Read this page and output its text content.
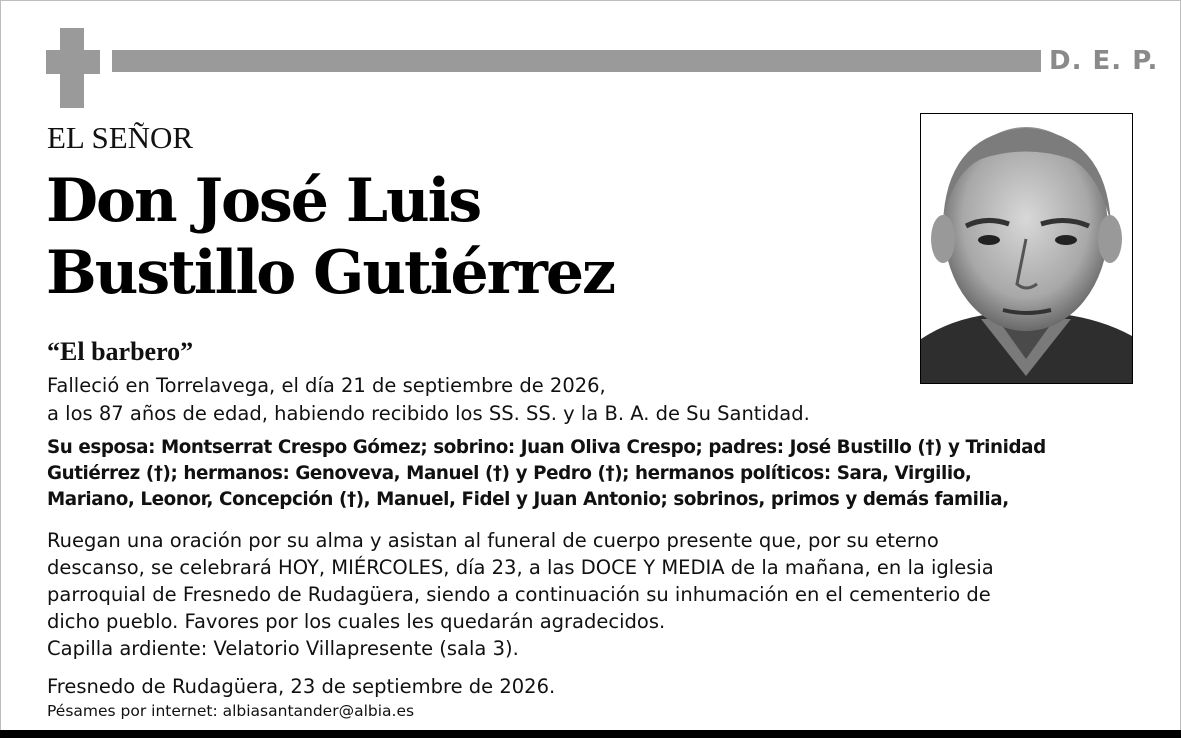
D. E. P.
EL SEÑOR
Don José Luis
Bustillo Gutiérrez
“El barbero”
Falleció en Torrelavega, el día 21 de septiembre de 2026,
a los 87 años de edad, habiendo recibido los SS. SS. y la B. A. de Su Santidad.
Su esposa: Montserrat Crespo Gómez; sobrino: Juan Oliva Crespo; padres: José Bustillo (†) y Trinidad
Gutiérrez (†); hermanos: Genoveva, Manuel (†) y Pedro (†); hermanos políticos: Sara, Virgilio,
Mariano, Leonor, Concepción (†), Manuel, Fidel y Juan Antonio; sobrinos, primos y demás familia,
Ruegan una oración por su alma y asistan al funeral de cuerpo presente que, por su eterno
descanso, se celebrará HOY, MIÉRCOLES, día 23, a las DOCE Y MEDIA de la mañana, en la iglesia
parroquial de Fresnedo de Rudagüera, siendo a continuación su inhumación en el cementerio de
dicho pueblo. Favores por los cuales les quedarán agradecidos.
Capilla ardiente: Velatorio Villapresente (sala 3).
Fresnedo de Rudagüera, 23 de septiembre de 2026.
Pésames por internet: albiasantander@albia.es
